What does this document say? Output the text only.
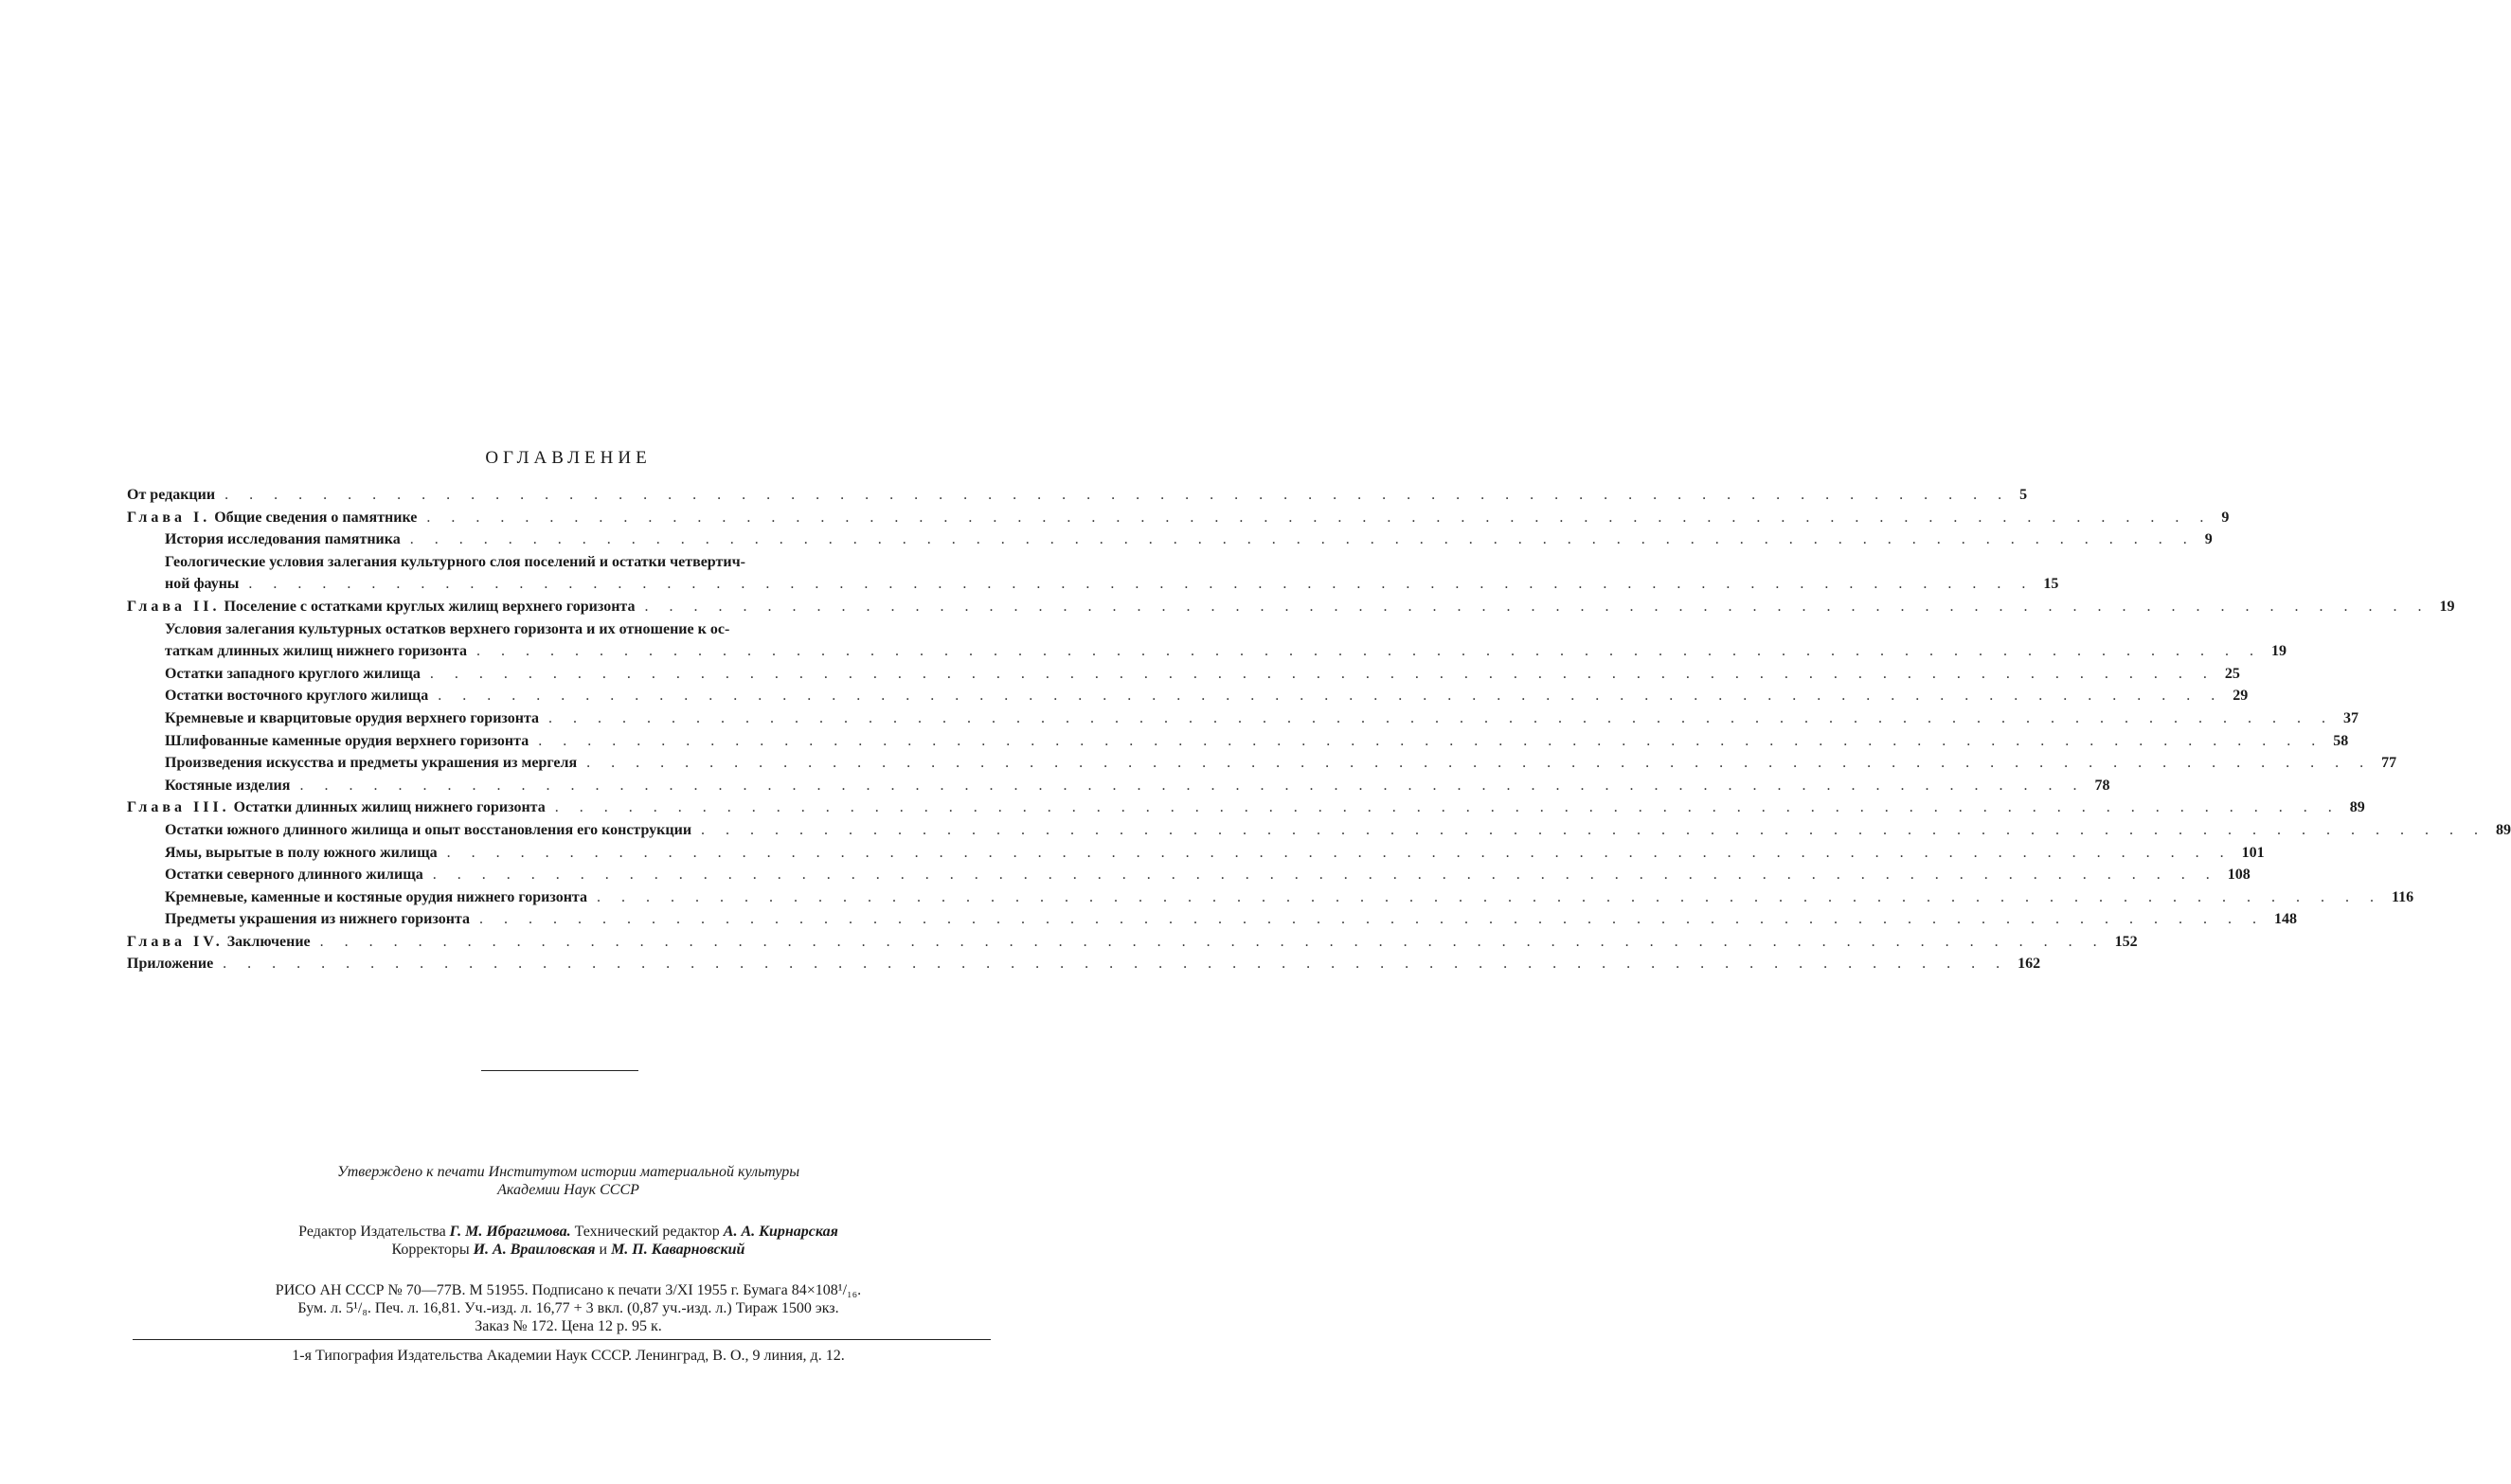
ОГЛАВЛЕНИЕ
От редакции . . . . . . . . . . . . . . . . . . . . . . . . . . . . . . . . . . . . . . . . . . . . . . . . . . . . . . . . . . . . . . . . . . . . . . . . . 5
Глава I. Общие сведения о памятнике . . . . . . . . . . . . . . . . . . . . . . . . . . . . . . . . . . . . . . . . . . . . . . . . . . . . . . . . . . . . . . . . . . . . . . . . . 9
История исследования памятника . . . . . . . . . . . . . . . . . . . . . . . . . . . . . . . . . . . . . . . . . . . . . . . . . . . . . . . . . . . . . . . . . . . . . . . . . 9
Геологические условия залегания культурного слоя поселений и остатки четвертич-
ной фауны . . . . . . . . . . . . . . . . . . . . . . . . . . . . . . . . . . . . . . . . . . . . . . . . . . . . . . . . . . . . . . . . . . . . . . . . . 15
Глава II. Поселение с остатками круглых жилищ верхнего горизонта . . . . . . . . . . . . . . . . . . . . . . . . . . . . . . . . . . . . . . . . . . . . . . . . . . . . . . . . . . . . . . . . . . . . . . . . . 19
Условия залегания культурных остатков верхнего горизонта и их отношение к ос-
таткам длинных жилищ нижнего горизонта . . . . . . . . . . . . . . . . . . . . . . . . . . . . . . . . . . . . . . . . . . . . . . . . . . . . . . . . . . . . . . . . . . . . . . . . . 19
Остатки западного круглого жилища . . . . . . . . . . . . . . . . . . . . . . . . . . . . . . . . . . . . . . . . . . . . . . . . . . . . . . . . . . . . . . . . . . . . . . . . . 25
Остатки восточного круглого жилища . . . . . . . . . . . . . . . . . . . . . . . . . . . . . . . . . . . . . . . . . . . . . . . . . . . . . . . . . . . . . . . . . . . . . . . . . 29
Кремневые и кварцитовые орудия верхнего горизонта . . . . . . . . . . . . . . . . . . . . . . . . . . . . . . . . . . . . . . . . . . . . . . . . . . . . . . . . . . . . . . . . . . . . . . . . . 37
Шлифованные каменные орудия верхнего горизонта . . . . . . . . . . . . . . . . . . . . . . . . . . . . . . . . . . . . . . . . . . . . . . . . . . . . . . . . . . . . . . . . . . . . . . . . . 58
Произведения искусства и предметы украшения из мергеля . . . . . . . . . . . . . . . . . . . . . . . . . . . . . . . . . . . . . . . . . . . . . . . . . . . . . . . . . . . . . . . . . . . . . . . . . 77
Костяные изделия . . . . . . . . . . . . . . . . . . . . . . . . . . . . . . . . . . . . . . . . . . . . . . . . . . . . . . . . . . . . . . . . . . . . . . . . . 78
Глава III. Остатки длинных жилищ нижнего горизонта . . . . . . . . . . . . . . . . . . . . . . . . . . . . . . . . . . . . . . . . . . . . . . . . . . . . . . . . . . . . . . . . . . . . . . . . . 89
Остатки южного длинного жилища и опыт восстановления его конструкции . . . . . . . . . . . . . . . . . . . . . . . . . . . . . . . . . . . . . . . . . . . . . . . . . . . . . . . . . . . . . . . . . . . . . . . . . 89
Ямы, вырытые в полу южного жилища . . . . . . . . . . . . . . . . . . . . . . . . . . . . . . . . . . . . . . . . . . . . . . . . . . . . . . . . . . . . . . . . . . . . . . . . . 101
Остатки северного длинного жилища . . . . . . . . . . . . . . . . . . . . . . . . . . . . . . . . . . . . . . . . . . . . . . . . . . . . . . . . . . . . . . . . . . . . . . . . . 108
Кремневые, каменные и костяные орудия нижнего горизонта . . . . . . . . . . . . . . . . . . . . . . . . . . . . . . . . . . . . . . . . . . . . . . . . . . . . . . . . . . . . . . . . . . . . . . . . . 116
Предметы украшения из нижнего горизонта . . . . . . . . . . . . . . . . . . . . . . . . . . . . . . . . . . . . . . . . . . . . . . . . . . . . . . . . . . . . . . . . . . . . . . . . . 148
Глава IV. Заключение . . . . . . . . . . . . . . . . . . . . . . . . . . . . . . . . . . . . . . . . . . . . . . . . . . . . . . . . . . . . . . . . . . . . . . . . . 152
Приложение . . . . . . . . . . . . . . . . . . . . . . . . . . . . . . . . . . . . . . . . . . . . . . . . . . . . . . . . . . . . . . . . . . . . . . . . . 162
Утверждено к печати Институтом истории материальной культуры
Академии Наук СССР
Редактор Издательства Г. М. Ибрагимова. Технический редактор А. А. Кирнарская
Корректоры И. А. Враиловская и М. П. Каварновский
РИСО АН СССР № 70—77В. М 51955. Подписано к печати 3/XI 1955 г. Бумага 84×108¹/₁₆.
Бум. л. 5¹/₈. Печ. л. 16,81. Уч.-изд. л. 16,77 + 3 вкл. (0,87 уч.-изд. л.) Тираж 1500 экз.
Заказ № 172. Цена 12 р. 95 к.
1-я Типография Издательства Академии Наук СССР. Ленинград, В. О., 9 линия, д. 12.
